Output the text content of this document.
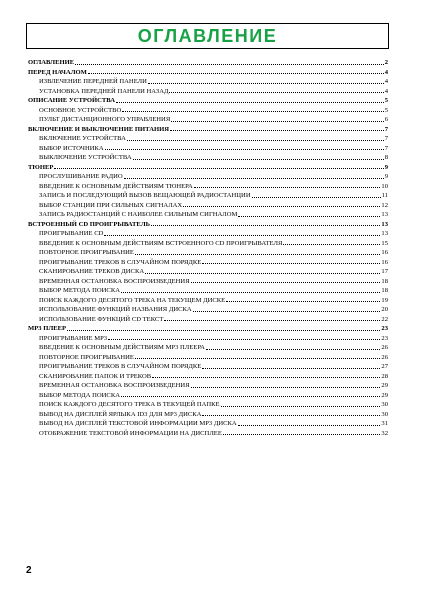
ОГЛАВЛЕНИЕ
ОГЛАВЛЕНИЕ	2
ПЕРЕД НАЧАЛОМ	4
ИЗВЛЕЧЕНИЕ ПЕРЕДНЕЙ ПАНЕЛИ	4
УСТАНОВКА ПЕРЕДНЕЙ ПАНЕЛИ НАЗАД	4
ОПИСАНИЕ УСТРОЙСТВА	5
ОСНОВНОЕ УСТРОЙСТВО	5
ПУЛЬТ ДИСТАНЦИОННОГО УПРАВЛЕНИЯ	6
ВКЛЮЧЕНИЕ И ВЫКЛЮЧЕНИЕ ПИТАНИЯ	7
ВКЛЮЧЕНИЕ УСТРОЙСТВА	7
ВЫБОР ИСТОЧНИКА	7
ВЫКЛЮЧЕНИЕ УСТРОЙСТВА	8
ТЮНЕР	9
ПРОСЛУШИВАНИЕ РАДИО	9
ВВЕДЕНИЕ К ОСНОВНЫМ ДЕЙСТВИЯМ ТЮНЕРА	10
ЗАПИСЬ И ПОСЛЕДУЮЩИЙ ВЫЗОВ ВЕЩАЮЩЕЙ РАДИОСТАНЦИИ	11
ВЫБОР СТАНЦИИ ПРИ СИЛЬНЫХ СИГНАЛАХ	12
ЗАПИСЬ РАДИОСТАНЦИЙ С НАИБОЛЕЕ СИЛЬНЫМ СИГНАЛОМ	13
ВСТРОЕННЫЙ CD ПРОИГРЫВАТЕЛЬ	13
ПРОИГРЫВАНИЕ CD	13
ВВЕДЕНИЕ К ОСНОВНЫМ ДЕЙСТВИЯМ ВСТРОЕННОГО CD ПРОИГРЫВАТЕЛЯ	15
ПОВТОРНОЕ ПРОИГРЫВАНИЕ	16
ПРОИГРЫВАНИЕ ТРЕКОВ В СЛУЧАЙНОМ ПОРЯДКЕ	16
СКАНИРОВАНИЕ ТРЕКОВ ДИСКА	17
ВРЕМЕННАЯ ОСТАНОВКА ВОСПРОИЗВЕДЕНИЯ	18
ВЫБОР МЕТОДА ПОИСКА	18
ПОИСК КАЖДОГО ДЕСЯТОГО ТРЕКА НА ТЕКУЩЕМ ДИСКЕ	19
ИСПОЛЬЗОВАНИЕ ФУНКЦИЙ НАЗВАНИЯ ДИСКА	20
ИСПОЛЬЗОВАНИЕ ФУНКЦИЙ CD ТЕКСТ	22
MP3 ПЛЕЕР	23
ПРОИГРЫВАНИЕ MP3	23
ВВЕДЕНИЕ К ОСНОВНЫМ ДЕЙСТВИЯМ MP3 ПЛЕЕРА	26
ПОВТОРНОЕ ПРОИГРЫВАНИЕ	26
ПРОИГРЫВАНИЕ ТРЕКОВ В СЛУЧАЙНОМ ПОРЯДКЕ	27
СКАНИРОВАНИЕ ПАПОК И ТРЕКОВ	28
ВРЕМЕННАЯ ОСТАНОВКА ВОСПРОИЗВЕДЕНИЯ	29
ВЫБОР МЕТОДА ПОИСКА	29
ПОИСК КАЖДОГО ДЕСЯТОГО ТРЕКА В ТЕКУЩЕЙ ПАПКЕ	30
ВЫВОД НА ДИСПЛЕЙ ЯРЛЫКА ID3 ДЛЯ MP3 ДИСКА	30
ВЫВОД НА ДИСПЛЕЙ ТЕКСТОВОЙ ИНФОРМАЦИИ MP3 ДИСКА	31
ОТОБРАЖЕНИЕ ТЕКСТОВОЙ ИНФОРМАЦИИ НА ДИСПЛЕЕ	32
2
